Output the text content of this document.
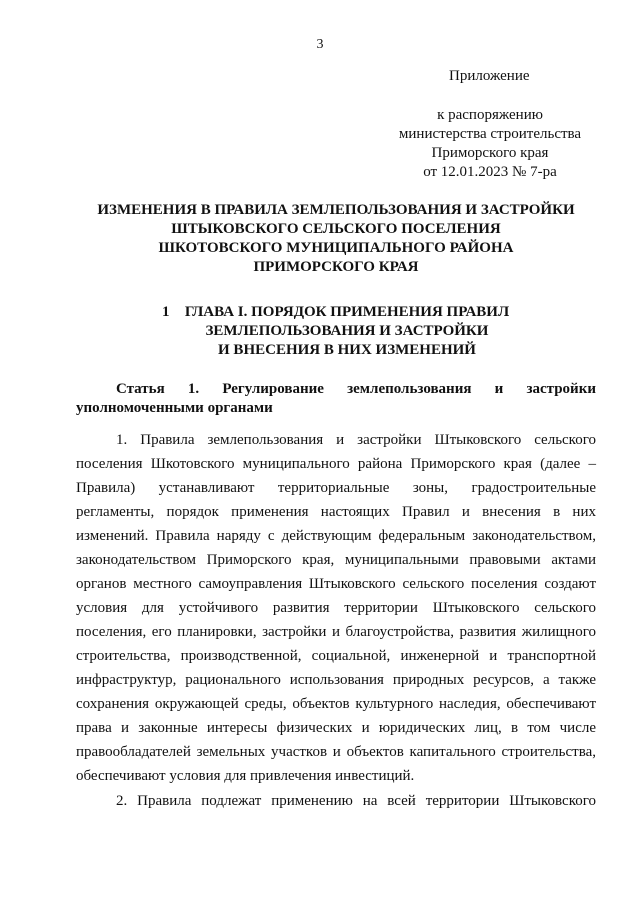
3
Приложение
к распоряжению
министерства строительства
Приморского края
от 12.01.2023 № 7-ра
ИЗМЕНЕНИЯ В ПРАВИЛА ЗЕМЛЕПОЛЬЗОВАНИЯ И ЗАСТРОЙКИ
ШТЫКОВСКОГО СЕЛЬСКОГО ПОСЕЛЕНИЯ
ШКОТОВСКОГО МУНИЦИПАЛЬНОГО РАЙОНА
ПРИМОРСКОГО КРАЯ
1 ГЛАВА I. ПОРЯДОК ПРИМЕНЕНИЯ ПРАВИЛ
ЗЕМЛЕПОЛЬЗОВАНИЯ И ЗАСТРОЙКИ
И ВНЕСЕНИЯ В НИХ ИЗМЕНЕНИЙ
Статья 1. Регулирование землепользования и застройки
уполномоченными органами

1. Правила землепользования и застройки Штыковского сельского поселения Шкотовского муниципального района Приморского края (далее – Правила) устанавливают территориальные зоны, градостроительные регламенты, порядок применения настоящих Правил и внесения в них изменений. Правила наряду с действующим федеральным законодательством, законодательством Приморского края, муниципальными правовыми актами органов местного самоуправления Штыковского сельского поселения создают условия для устойчивого развития территории Штыковского сельского поселения, его планировки, застройки и благоустройства, развития жилищного строительства, производственной, социальной, инженерной и транспортной инфраструктур, рационального использования природных ресурсов, а также сохранения окружающей среды, объектов культурного наследия, обеспечивают права и законные интересы физических и юридических лиц, в том числе правообладателей земельных участков и объектов капитального строительства, обеспечивают условия для привлечения инвестиций.

2. Правила подлежат применению на всей территории Штыковского
